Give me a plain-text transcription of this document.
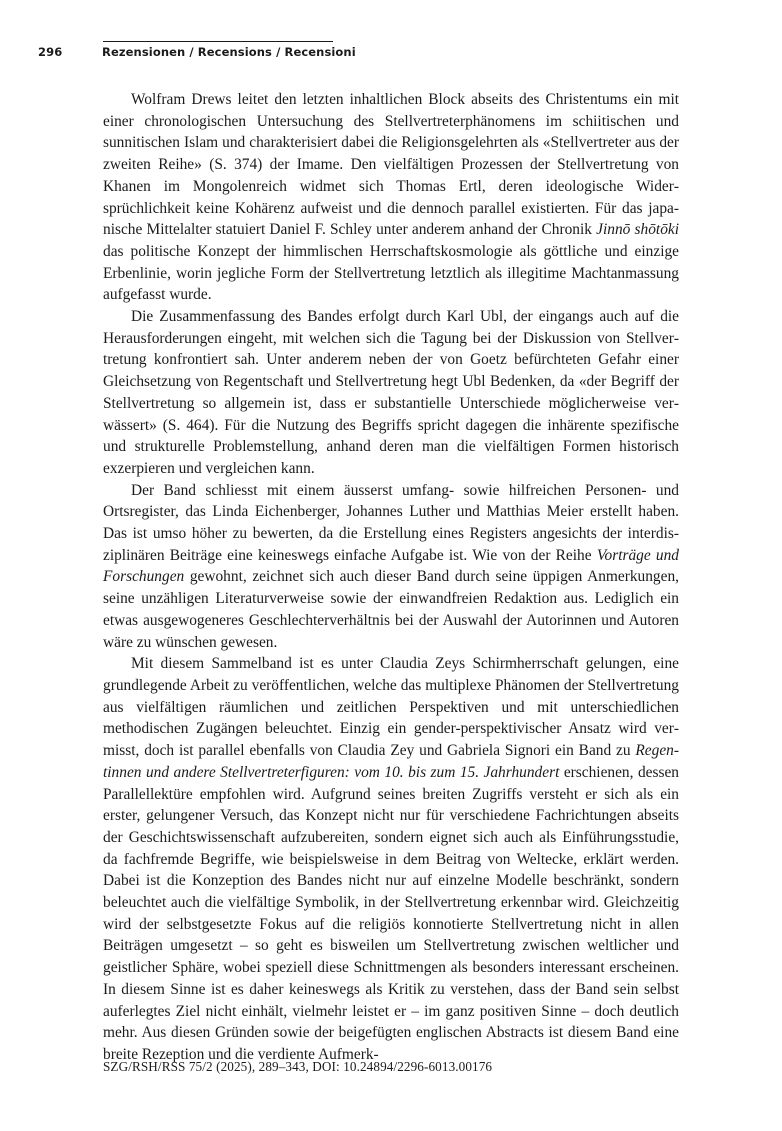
296	Rezensionen / Recensions / Recensioni

Wolfram Drews leitet den letzten inhaltlichen Block abseits des Christentums ein mit einer chronologischen Untersuchung des Stellvertreterphänomens im schiitischen und sunnitischen Islam und charakterisiert dabei die Religionsgelehrten als «Stellvertreter aus der zweiten Reihe» (S. 374) der Imame. Den vielfältigen Prozessen der Stellvertretung von Khanen im Mongolenreich widmet sich Thomas Ertl, deren ideologische Widersprüchlichkeit keine Kohärenz aufweist und die dennoch parallel existierten. Für das japanische Mittelalter statuiert Daniel F. Schley unter anderem anhand der Chronik Jinnō shōtōki das politische Konzept der himmlischen Herrschaftskosmologie als göttliche und einzige Erbenlinie, worin jegliche Form der Stellvertretung letztlich als illegitime Machtanmassung aufgefasst wurde.

Die Zusammenfassung des Bandes erfolgt durch Karl Ubl, der eingangs auch auf die Herausforderungen eingeht, mit welchen sich die Tagung bei der Diskussion von Stellvertretung konfrontiert sah. Unter anderem neben der von Goetz befürchteten Gefahr einer Gleichsetzung von Regentschaft und Stellvertretung hegt Ubl Bedenken, da «der Begriff der Stellvertretung so allgemein ist, dass er substantielle Unterschiede möglicherweise verwässert» (S. 464). Für die Nutzung des Begriffs spricht dagegen die inhärente spezifische und strukturelle Problemstellung, anhand deren man die vielfältigen Formen historisch exzerpieren und vergleichen kann.

Der Band schliesst mit einem äusserst umfang- sowie hilfreichen Personen- und Ortsregister, das Linda Eichenberger, Johannes Luther und Matthias Meier erstellt haben. Das ist umso höher zu bewerten, da die Erstellung eines Registers angesichts der interdisziplinären Beiträge eine keineswegs einfache Aufgabe ist. Wie von der Reihe Vorträge und Forschungen gewohnt, zeichnet sich auch dieser Band durch seine üppigen Anmerkungen, seine unzähligen Literaturverweise sowie der einwandfreien Redaktion aus. Lediglich ein etwas ausgewogeneres Geschlechterverhältnis bei der Auswahl der Autorinnen und Autoren wäre zu wünschen gewesen.

Mit diesem Sammelband ist es unter Claudia Zeys Schirmherrschaft gelungen, eine grundlegende Arbeit zu veröffentlichen, welche das multiplexe Phänomen der Stellvertretung aus vielfältigen räumlichen und zeitlichen Perspektiven und mit unterschiedlichen methodischen Zugängen beleuchtet. Einzig ein gender-perspektivischer Ansatz wird vermisst, doch ist parallel ebenfalls von Claudia Zey und Gabriela Signori ein Band zu Regentinnen und andere Stellvertreterfiguren: vom 10. bis zum 15. Jahrhundert erschienen, dessen Parallellektüre empfohlen wird. Aufgrund seines breiten Zugriffs versteht er sich als ein erster, gelungener Versuch, das Konzept nicht nur für verschiedene Fachrichtungen abseits der Geschichtswissenschaft aufzubereiten, sondern eignet sich auch als Einführungsstudie, da fachfremde Begriffe, wie beispielsweise in dem Beitrag von Weltecke, erklärt werden. Dabei ist die Konzeption des Bandes nicht nur auf einzelne Modelle beschränkt, sondern beleuchtet auch die vielfältige Symbolik, in der Stellvertretung erkennbar wird. Gleichzeitig wird der selbstgesetzte Fokus auf die religiös konnotierte Stellvertretung nicht in allen Beiträgen umgesetzt – so geht es bisweilen um Stellvertretung zwischen weltlicher und geistlicher Sphäre, wobei speziell diese Schnittmengen als besonders interessant erscheinen. In diesem Sinne ist es daher keineswegs als Kritik zu verstehen, dass der Band sein selbst auferlegtes Ziel nicht einhält, vielmehr leistet er – im ganz positiven Sinne – doch deutlich mehr. Aus diesen Gründen sowie der beigefügten englischen Abstracts ist diesem Band eine breite Rezeption und die verdiente Aufmerk-

SZG/RSH/RSS 75/2 (2025), 289–343, DOI: 10.24894/2296-6013.00176
